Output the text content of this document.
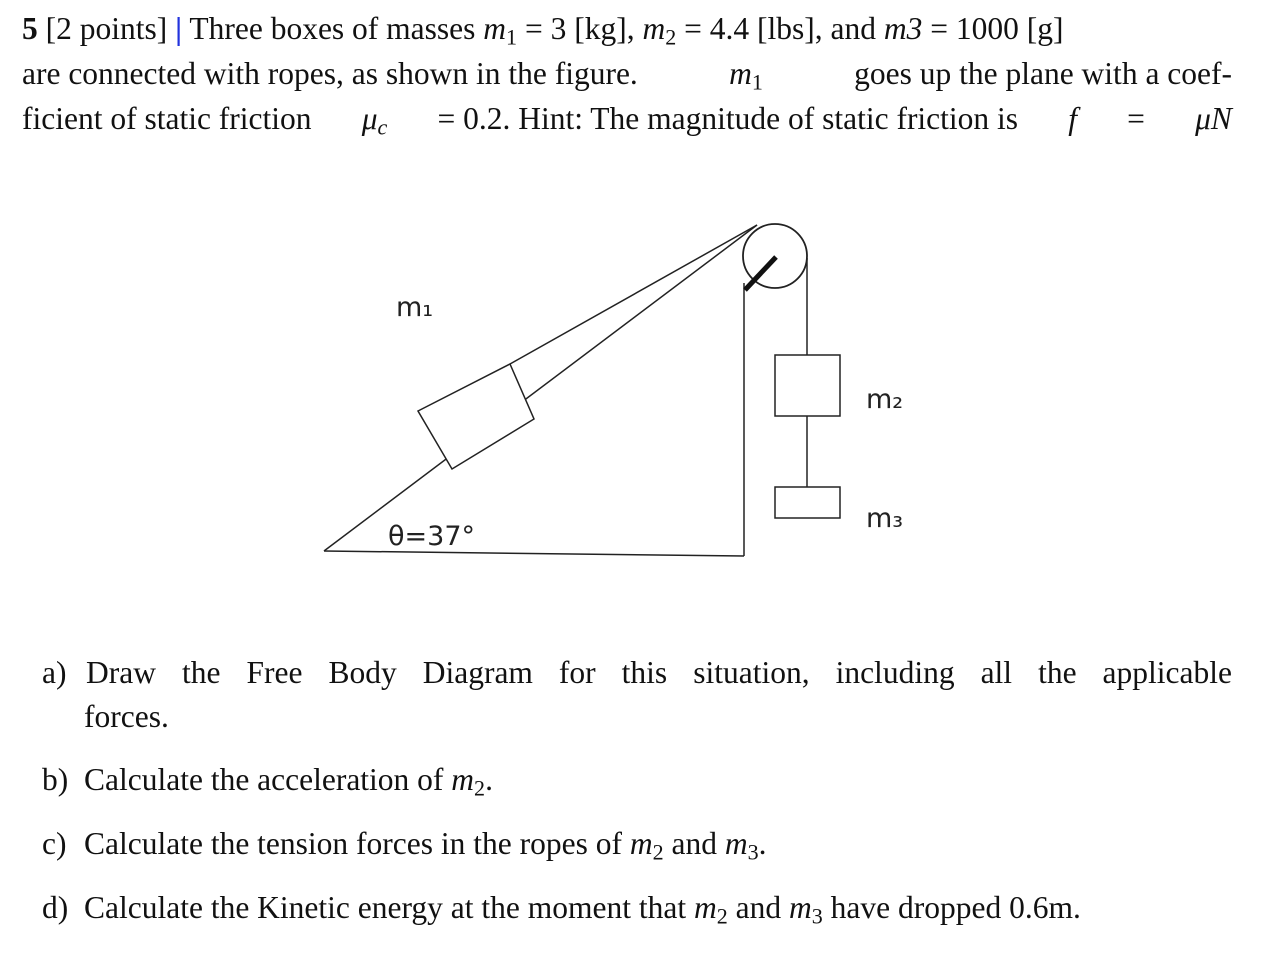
5 [2 points] | Three boxes of masses $m_1 = 3$ [kg], $m_2 = 4.4$ [lbs], and m3 = 1000 [g]
are connected with ropes, as shown in the figure.	$m_1$	goes up the plane with a coef-
ficient of static friction $\mu_c = 0.2$. Hint: The magnitude of static friction is f = μN
m₁
m₂
m₃
θ=37°
a) Draw the Free Body Diagram for this situation, including all the applicable
forces.
b) Calculate the acceleration of $m_2$.
c) Calculate the tension forces in the ropes of $m_2$ and $m_3$.
d) Calculate the Kinetic energy at the moment that $m_2$ and $m_3$ have dropped 0.6m.
